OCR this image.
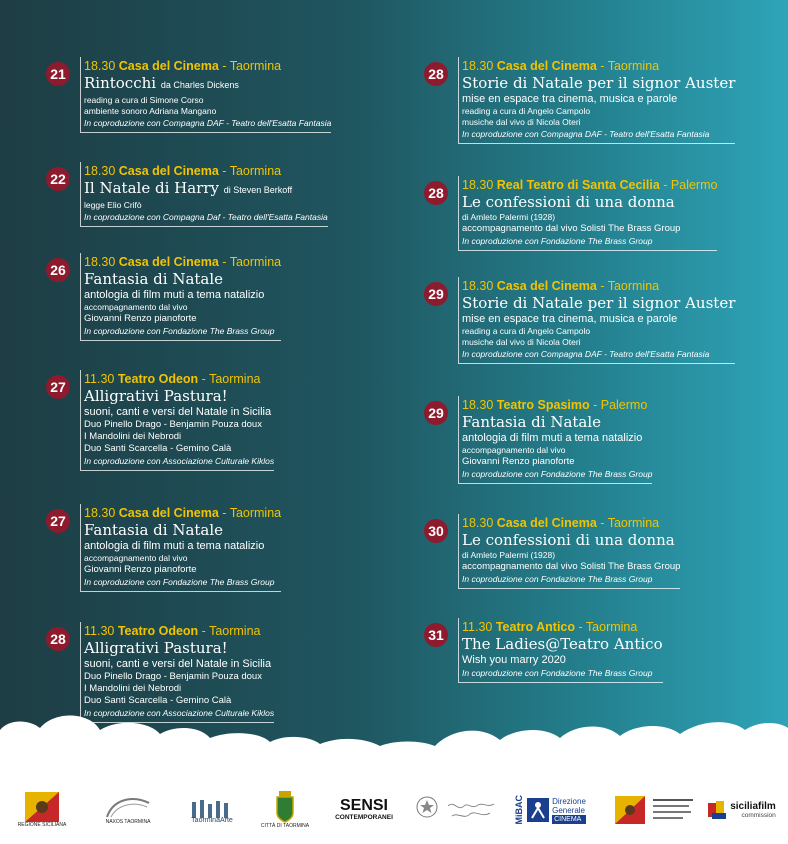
21	18.30 Casa del Cinema - Taormina
Rintocchi da Charles Dickens
reading a cura di Simone Corso
ambiente sonoro Adriana Mangano
In coproduzione con Compagna DAF - Teatro dell'Esatta Fantasia
22	18.30 Casa del Cinema - Taormina
Il Natale di Harry di Steven Berkoff
legge Elio Crifò
In coproduzione con Compagna Daf - Teatro dell'Esatta Fantasia
26	18.30 Casa del Cinema - Taormina
Fantasia di Natale
antologia di film muti a tema natalizio
accompagnamento dal vivo
Giovanni Renzo pianoforte
In coproduzione con Fondazione The Brass Group
27	11.30 Teatro Odeon - Taormina
Alligrativi Pastura!
suoni, canti e versi del Natale in Sicilia
Duo Pinello Drago - Benjamin Pouza doux
I Mandolini dei Nebrodi
Duo Santi Scarcella - Gemino Calà
In coproduzione con Associazione Culturale Kiklos
27	18.30 Casa del Cinema - Taormina
Fantasia di Natale
antologia di film muti a tema natalizio
accompagnamento dal vivo
Giovanni Renzo pianoforte
In coproduzione con Fondazione The Brass Group
28	11.30 Teatro Odeon - Taormina
Alligrativi Pastura!
suoni, canti e versi del Natale in Sicilia
Duo Pinello Drago - Benjamin Pouza doux
I Mandolini dei Nebrodi
Duo Santi Scarcella - Gemino Calà
In coproduzione con Associazione Culturale Kiklos
28	18.30 Casa del Cinema - Taormina
Storie di Natale per il signor Auster
mise en espace tra cinema, musica e parole
reading a cura di Angelo Campolo
musiche dal vivo di Nicola Oteri
In coproduzione con Compagna DAF - Teatro dell'Esatta Fantasia
28	18.30 Real Teatro di Santa Cecilia - Palermo
Le confessioni di una donna
di Amleto Palermi (1928)
accompagnamento dal vivo Solisti The Brass Group
In coproduzione con Fondazione The Brass Group
29	18.30 Casa del Cinema - Taormina
Storie di Natale per il signor Auster
mise en espace tra cinema, musica e parole
reading a cura di Angelo Campolo
musiche dal vivo di Nicola Oteri
In coproduzione con Compagna DAF - Teatro dell'Esatta Fantasia
29	18.30 Teatro Spasimo - Palermo
Fantasia di Natale
antologia di film muti a tema natalizio
accompagnamento dal vivo
Giovanni Renzo pianoforte
In coproduzione con Fondazione The Brass Group
30	18.30 Casa del Cinema - Taormina
Le confessioni di una donna
di Amleto Palermi (1928)
accompagnamento dal vivo Solisti The Brass Group
In coproduzione con Fondazione The Brass Group
31	11.30 Teatro Antico - Taormina
The Ladies@Teatro Antico
Wish you marry 2020
In coproduzione con Fondazione The Brass Group
REGIONE SICILIANA	NAXOS TAORMINA	TaorminaArte
CITTÀ DI TAORMINA
SENSI
CONTEMPORANEI	MiBAC	Direzione
Generale
CINEMA
siciliafilm
commission
